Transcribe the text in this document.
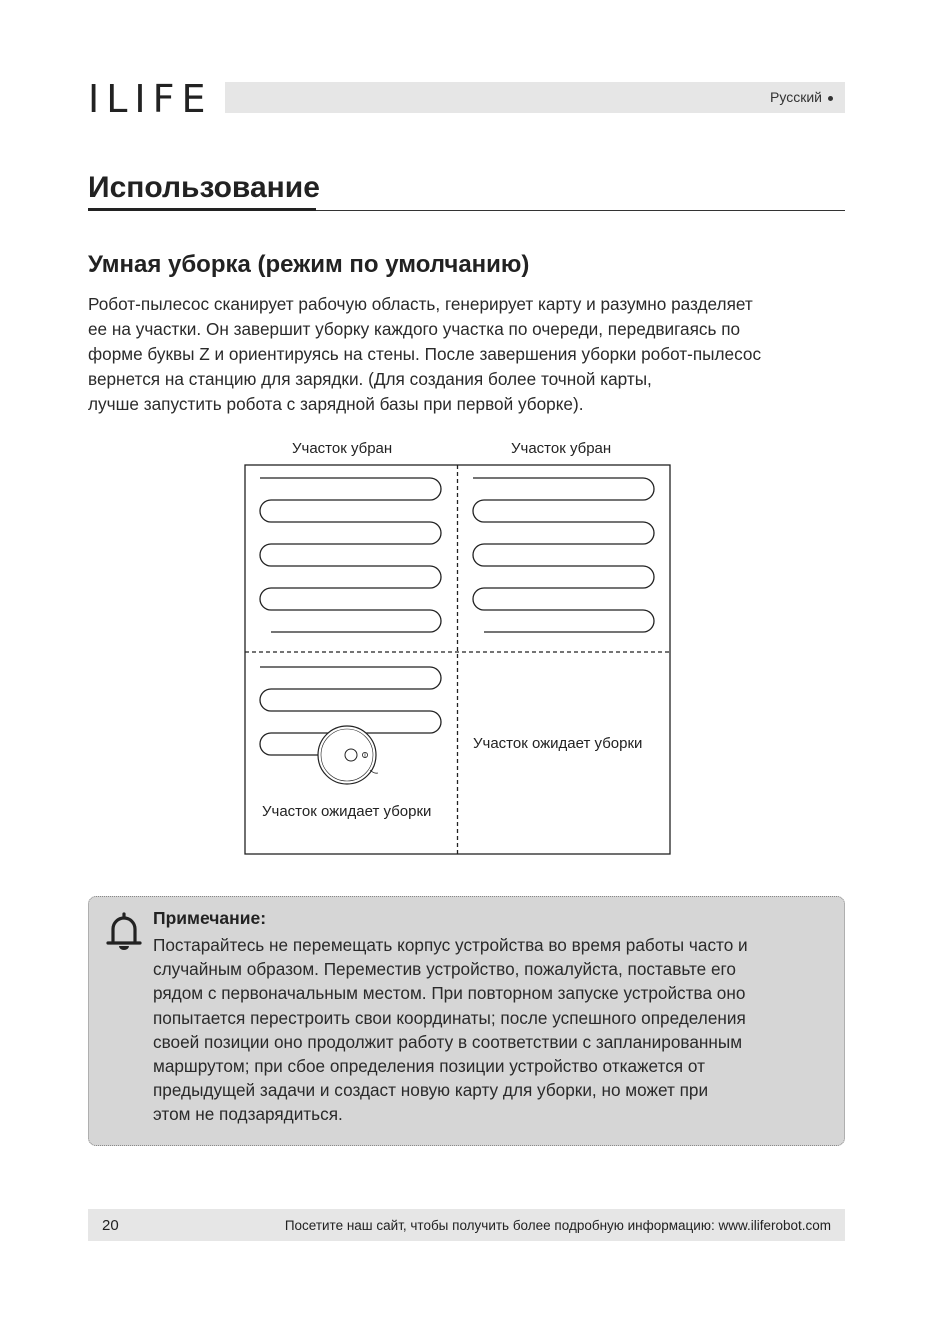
ILIFE	Русский
Использование
Умная уборка (режим по умолчанию)

Робот-пылесос сканирует рабочую область, генерирует карту и разумно разделяет
ее на участки. Он завершит уборку каждого участка по очереди, передвигаясь по
форме буквы Z и ориентируясь на стены. После завершения уборки робот-пылесос
вернется на станцию для зарядки. (Для создания более точной карты,
лучше запустить робота с зарядной базы при первой уборке).

Участок убран	Участок убран
Участок ожидает уборки
Участок ожидает уборки
Примечание:

Постарайтесь не перемещать корпус устройства во время работы часто и
случайным образом. Переместив устройство, пожалуйста, поставьте его
рядом с первоначальным местом. При повторном запуске устройства оно
попытается перестроить свои координаты; после успешного определения
своей позиции оно продолжит работу в соответствии с запланированным
маршрутом; при сбое определения позиции устройство откажется от
предыдущей задачи и создаст новую карту для уборки, но может при
этом не подзарядиться.

20	Посетите наш сайт, чтобы получить более подробную информацию: www.iliferobot.com
